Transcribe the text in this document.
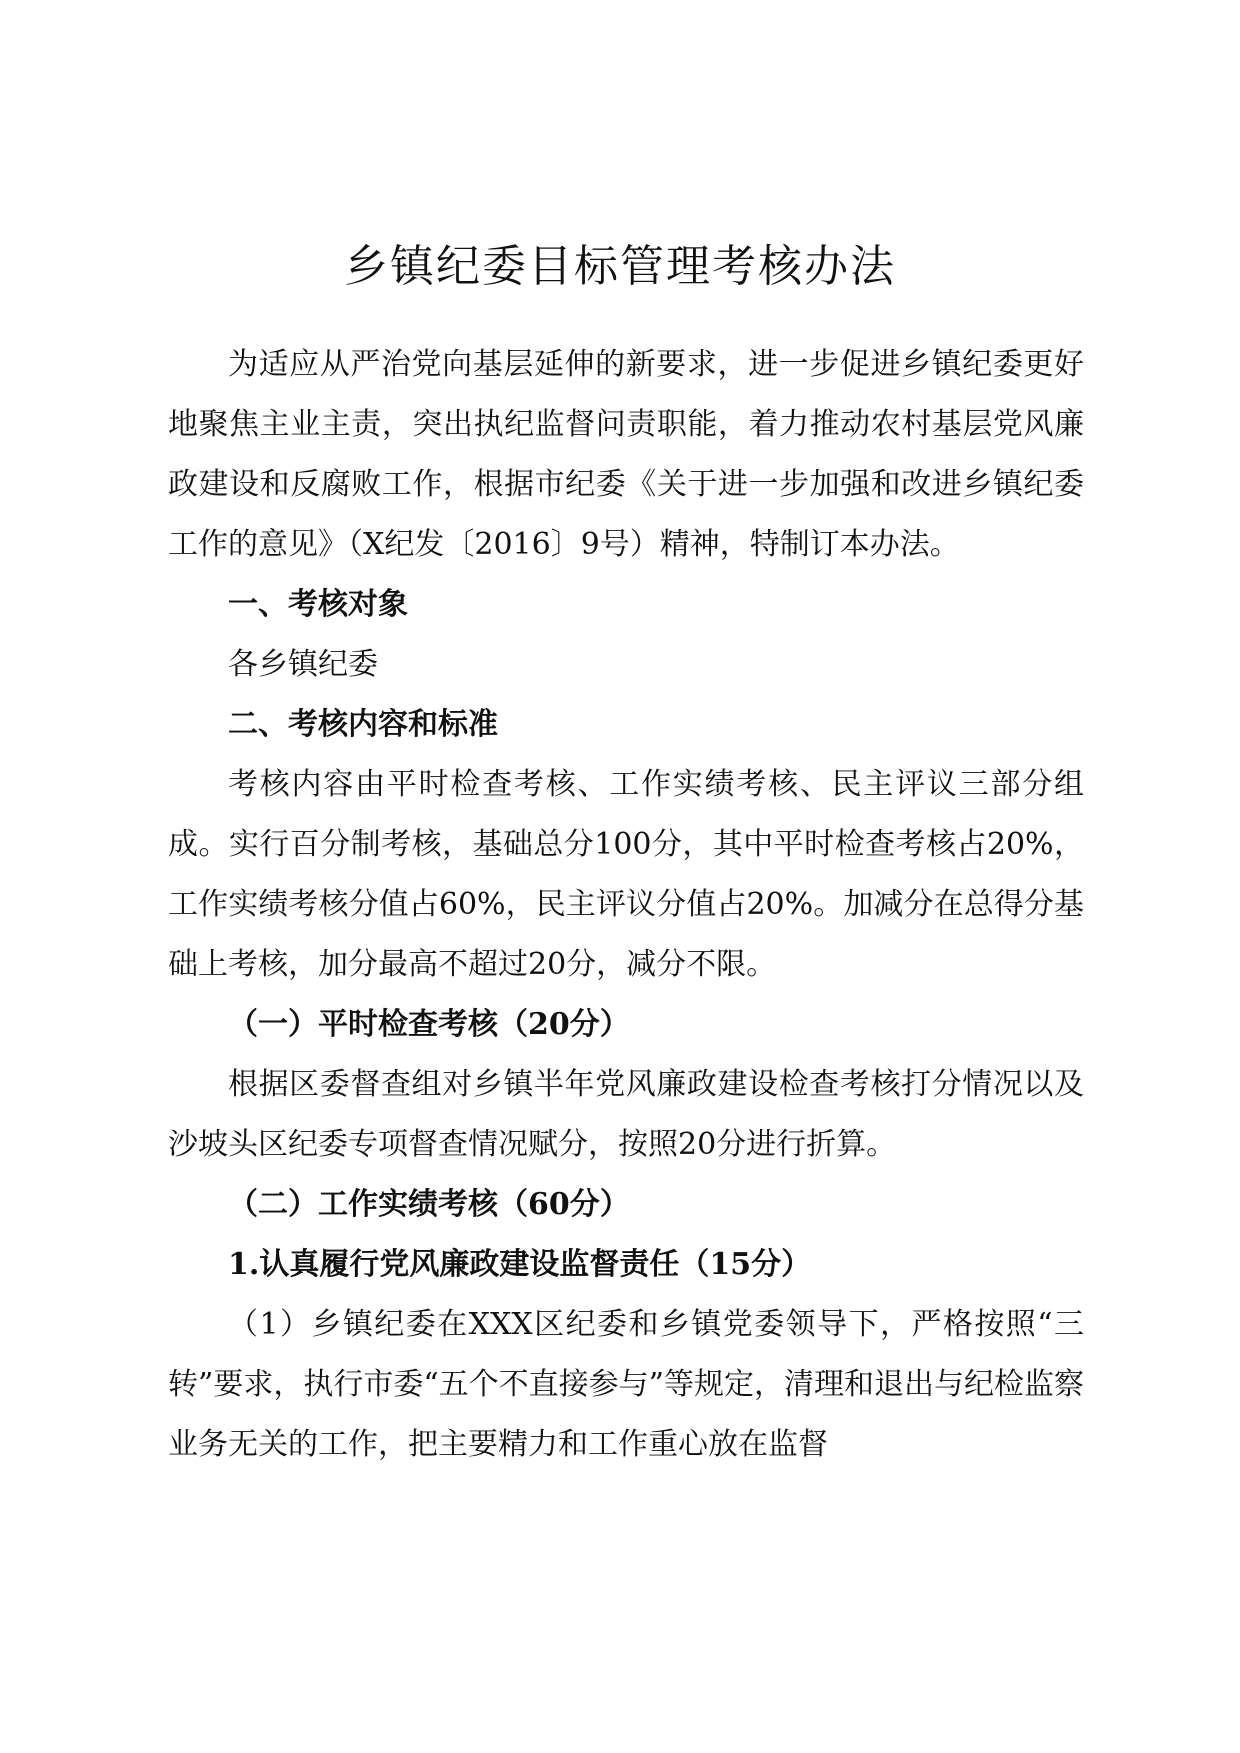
乡镇纪委目标管理考核办法

为适应从严治党向基层延伸的新要求，进一步促进乡镇纪委更好地聚焦主业主责，突出执纪监督问责职能，着力推动农村基层党风廉政建设和反腐败工作，根据市纪委《关于进一步加强和改进乡镇纪委工作的意见》（X纪发〔2016〕9号）精神，特制订本办法。

一、考核对象

各乡镇纪委

二、考核内容和标准

考核内容由平时检查考核、工作实绩考核、民主评议三部分组成。实行百分制考核，基础总分100分，其中平时检查考核占20%，工作实绩考核分值占60%，民主评议分值占20%。加减分在总得分基础上考核，加分最高不超过20分，减分不限。

（一）平时检查考核（20分）

根据区委督查组对乡镇半年党风廉政建设检查考核打分情况以及沙坡头区纪委专项督查情况赋分，按照20分进行折算。

（二）工作实绩考核（60分）

1.认真履行党风廉政建设监督责任（15分）

（1）乡镇纪委在XXX区纪委和乡镇党委领导下，严格按照“三转”要求，执行市委“五个不直接参与”等规定，清理和退出与纪检监察业务无关的工作，把主要精力和工作重心放在监督
